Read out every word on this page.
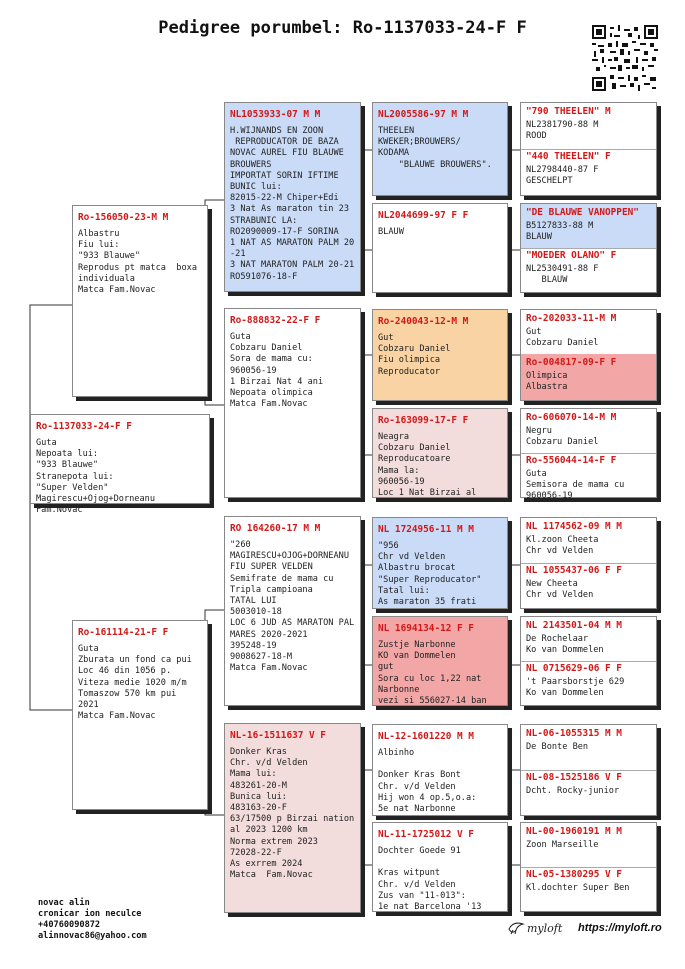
Pedigree porumbel: Ro-1137033-24-F F
Ro-1137033-24-F F
Guta
Nepoata lui:
"933 Blauwe"
Stranepota lui:
"Super Velden"
Magirescu+Ojog+Dorneanu
Fam.Novac
Ro-156050-23-M M
Albastru
Fiu lui:
"933 Blauwe"
Reprodus pt matca  boxa
individuala
Matca Fam.Novac
Ro-161114-21-F F
Guta
Zburata un fond ca pui
Loc 46 din 1056 p.
Viteza medie 1020 m/m
Tomaszow 570 km pui 2021
Matca Fam.Novac
NL1053933-07 M M
H.WIJNANDS EN ZOON
REPRODUCATOR DE BAZA
NOVAC AUREL FIU BLAUWE
BROUWERS
IMPORTAT SORIN IFTIME
BUNIC lui:
82015-22-M Chiper+Edi
3 Nat As maraton tin 23
STRABUNIC LA:
RO2090009-17-F SORINA
1 NAT AS MARATON PALM 20
-21
3 NAT MARATON PALM 20-21
RO591076-18-F
Ro-888832-22-F F
Guta
Cobzaru Daniel
Sora de mama cu:
960056-19
1 Birzai Nat 4 ani
Nepoata olimpica
Matca Fam.Novac
RO 164260-17 M M
"260
MAGIRESCU+OJOG+DORNEANU
FIU SUPER VELDEN
Semifrate de mama cu
Tripla campioana
TATAL LUI
5003010-18
LOC 6 JUD AS MARATON PAL
MARES 2020-2021
395248-19
9008627-18-M
Matca Fam.Novac
NL-16-1511637 V F
Donker Kras
Chr. v/d Velden
Mama lui:
483261-20-M
Bunica lui:
483163-20-F
63/17500 p Birzai nation
al 2023 1200 km
Norma extrem 2023
72028-22-F
As exrrem 2024
Matca  Fam.Novac
NL2005586-97 M M
THEELEN
KWEKER;BROUWERS/
KODAMA
"BLAUWE BROUWERS".
NL2044699-97 F F
BLAUW
Ro-240043-12-M M
Gut
Cobzaru Daniel
Fiu olimpica
Reproducator
Ro-163099-17-F F
Neagra
Cobzaru Daniel
Reproducatoare
Mama la:
960056-19
Loc 1 Nat Birzai al
NL 1724956-11 M M
"956
Chr vd Velden
Albastru brocat
"Super Reproducator"
Tatal lui:
As maraton 35 frati
NL 1694134-12 F F
Zustje Narbonne
KO van Dommelen
gut
Sora cu loc 1,22 nat
Narbonne
vezi si 556027-14 ban
NL-12-1601220 M M
Albinho

Donker Kras Bont
Chr. v/d Velden
Hij won 4 op.5,o.a:
5e nat Narbonne
NL-11-1725012 V F
Dochter Goede 91

Kras witpunt
Chr. v/d Velden
Zus van "11-013":
1e nat Barcelona '13
"790 THEELEN" M
NL2381790-88 M
ROOD
"440 THEELEN" F
NL2798440-87 F
GESCHELPT
"DE BLAUWE VANOPPEN"
B5127833-88 M
BLAUW
"MOEDER OLANO" F
NL2530491-88 F
BLAUW
Ro-202033-11-M M
Gut
Cobzaru Daniel
Ro-004817-09-F F
Olimpica
Albastra
Ro-606070-14-M M
Negru
Cobzaru Daniel
Ro-556044-14-F F
Guta
Semisora de mama cu
960056-19
NL 1174562-09 M M
Kl.zoon Cheeta
Chr vd Velden
NL 1055437-06 F F
New Cheeta
Chr vd Velden
NL 2143501-04 M M
De Rochelaar
Ko van Dommelen
NL 0715629-06 F F
't Paarsborstje 629
Ko van Dommelen
NL-06-1055315 M M
De Bonte Ben
NL-08-1525186 V F
Dcht. Rocky-junior
NL-00-1960191 M M
Zoon Marseille
NL-05-1380295 V F
Kl.dochter Super Ben
novac alin
cronicar ion neculce
+40760090872
alinnovac86@yahoo.com
myloft https://myloft.ro
